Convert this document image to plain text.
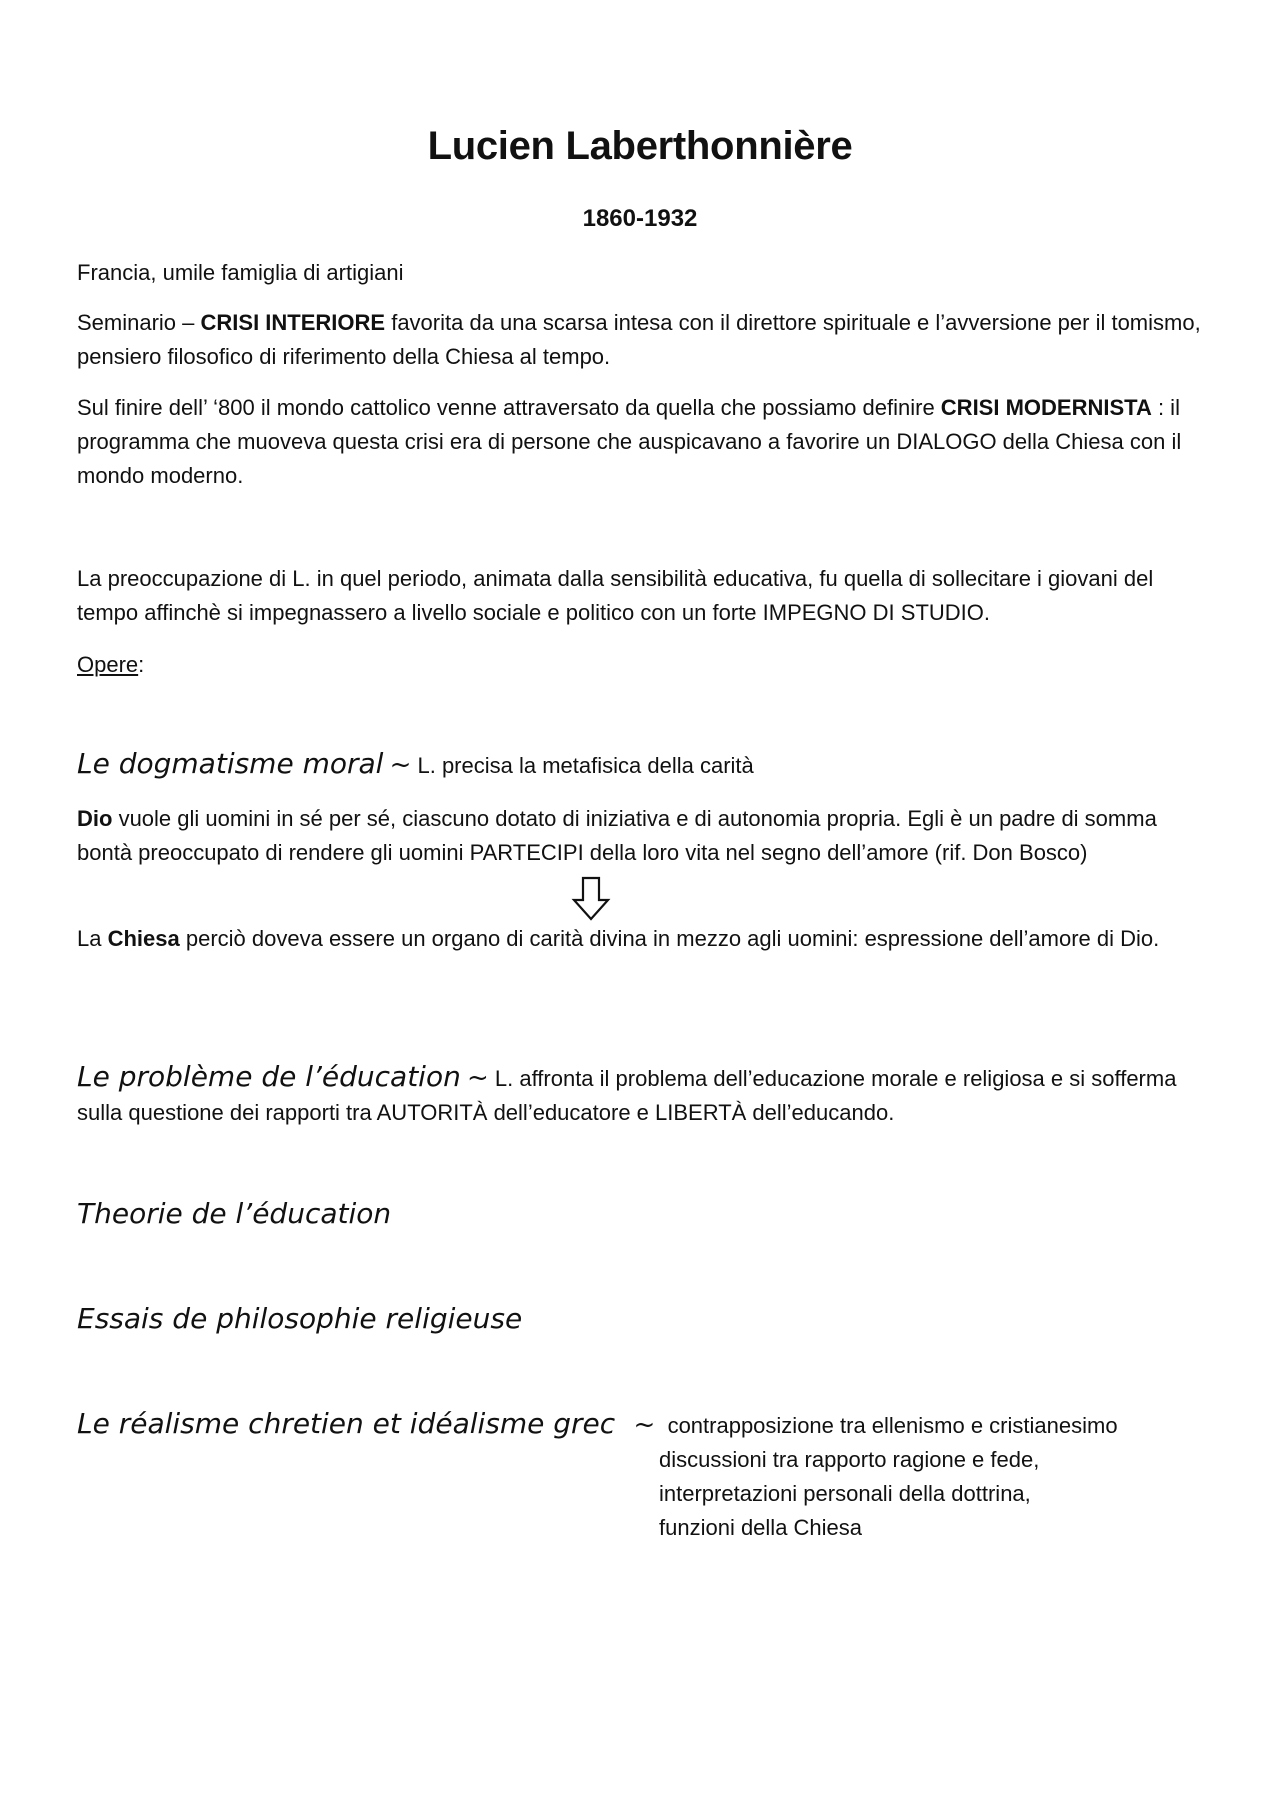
Lucien Laberthonnière
1860-1932
Francia, umile famiglia di artigiani
Seminario – CRISI INTERIORE favorita da una scarsa intesa con il direttore spirituale e l’avversione per il tomismo, pensiero filosofico di riferimento della Chiesa al tempo.
Sul finire dell’ ‘800 il mondo cattolico venne attraversato da quella che possiamo definire CRISI MODERNISTA : il programma che muoveva questa crisi era di persone che auspicavano a favorire un DIALOGO della Chiesa con il mondo moderno.
La preoccupazione di L. in quel periodo, animata dalla sensibilità educativa, fu quella di sollecitare i giovani del tempo affinchè si impegnassero a livello sociale e politico con un forte IMPEGNO DI STUDIO.
Opere:
Le dogmatisme moral ~ L. precisa la metafisica della carità
Dio vuole gli uomini in sé per sé, ciascuno dotato di iniziativa e di autonomia propria. Egli è un padre di somma bontà preoccupato di rendere gli uomini PARTECIPI della loro vita nel segno dell’amore (rif. Don Bosco)
La Chiesa perciò doveva essere un organo di carità divina in mezzo agli uomini: espressione dell’amore di Dio.
Le problème de l’éducation ~ L. affronta il problema dell’educazione morale e religiosa e si sofferma sulla questione dei rapporti tra AUTORITÀ dell’educatore e LIBERTÀ dell’educando.
Theorie de l’éducation
Essais de philosophie religieuse
Le réalisme chretien et idéalisme grec ~ contrapposizione tra ellenismo e cristianesimo
discussioni tra rapporto ragione e fede,
interpretazioni personali della dottrina,
funzioni della Chiesa
